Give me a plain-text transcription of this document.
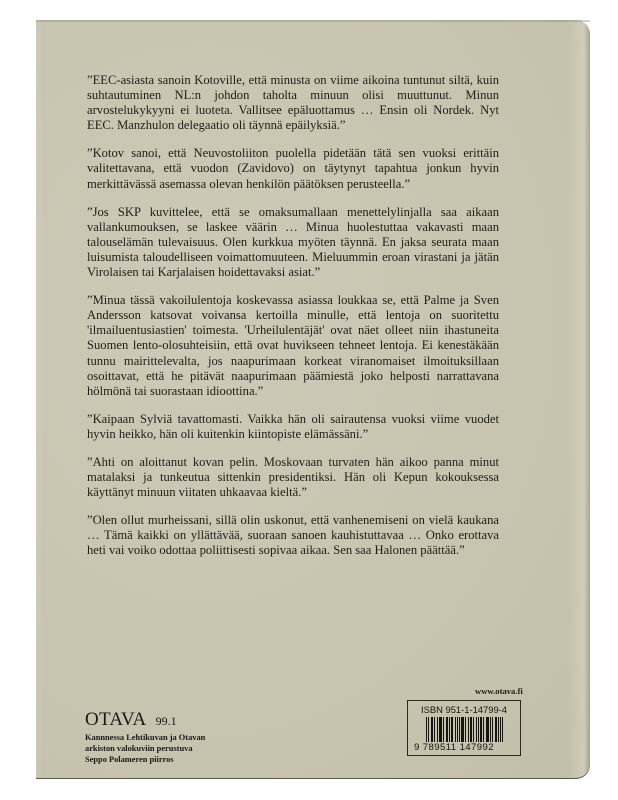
”EEC-asiasta sanoin Kotoville, että minusta on viime aikoina tuntunut siltä, kuin suhtautuminen NL:n johdon taholta minuun olisi muuttunut. Minun arvostelukykyyni ei luoteta. Vallitsee epäluottamus … Ensin oli Nordek. Nyt EEC. Manzhulon delegaatio oli täynnä epäilyksiä.”

”Kotov sanoi, että Neuvostoliiton puolella pidetään tätä sen vuoksi erittäin valitettavana, että vuodon (Zavidovo) on täytynyt tapahtua jonkun hyvin merkittävässä asemassa olevan henkilön päätöksen perusteella.”

”Jos SKP kuvittelee, että se omaksumallaan menettelylinjalla saa aikaan vallankumouksen, se laskee väärin … Minua huolestuttaa vakavasti maan talouselämän tulevaisuus. Olen kurkkua myöten täynnä. En jaksa seurata maan luisumista taloudelliseen voimattomuuteen. Mieluummin eroan virastani ja jätän Virolaisen tai Karjalaisen hoidettavaksi asiat.”

”Minua tässä vakoilulentoja koskevassa asiassa loukkaa se, että Palme ja Sven Andersson katsovat voivansa kertoilla minulle, että lentoja on suoritettu 'ilmailuentusiastien' toimesta. 'Urheilulentäjät' ovat näet olleet niin ihastuneita Suomen lento-olosuhteisiin, että ovat huvikseen tehneet lentoja. Ei kenestäkään tunnu mairittelevalta, jos naapurimaan korkeat viranomaiset ilmoituksillaan osoittavat, että he pitävät naapurimaan päämiestä joko helposti narrattavana hölmönä tai suorastaan idioottina.”

”Kaipaan Sylviä tavattomasti. Vaikka hän oli sairautensa vuoksi viime vuodet hyvin heikko, hän oli kuitenkin kiintopiste elämässäni.”

”Ahti on aloittanut kovan pelin. Moskovaan turvaten hän aikoo panna minut matalaksi ja tunkeutua sittenkin presidentiksi. Hän oli Kepun kokouksessa käyttänyt minuun viitaten uhkaavaa kieltä.”

”Olen ollut murheissani, sillä olin uskonut, että vanhenemiseni on vielä kaukana … Tämä kaikki on yllättävää, suoraan sanoen kauhistuttavaa … Onko erottava heti vai voiko odottaa poliittisesti sopivaa aikaa. Sen saa Halonen päättää.”

OTAVA 99.1
Kannnessa Lehtikuvan ja Otavan arkiston valokuviin perustuva Seppo Polameren piirros
www.otava.fi
ISBN 951-1-14799-4
9 789511 147992
